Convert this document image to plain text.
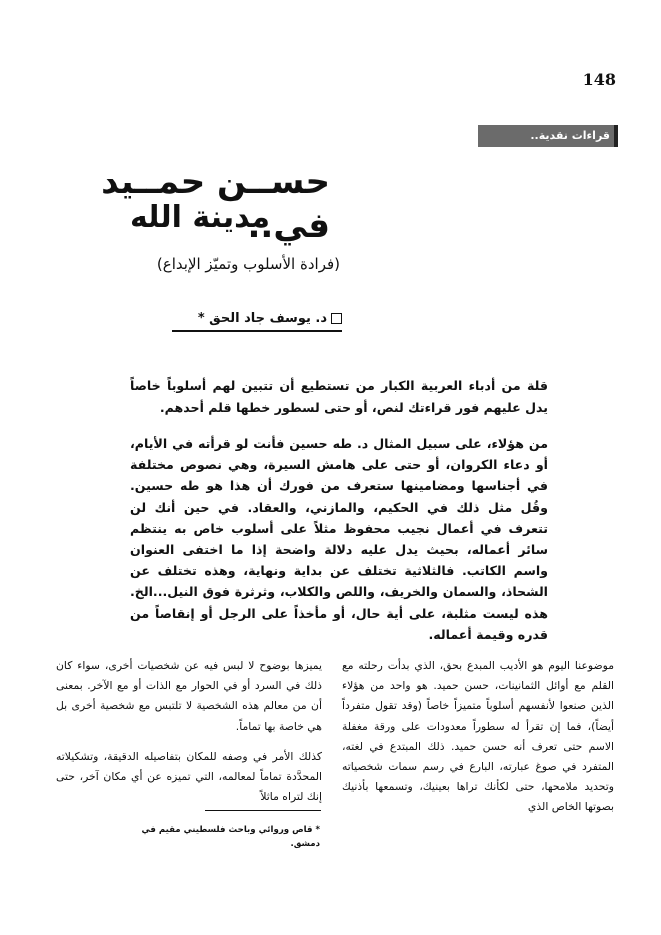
148
قراءات نقدية..
حســن حمــيد في..
مدينة الله
(فرادة الأسلوب وتميّز الإبداع)
د. يوسف جاد الحق *
قلة من أدباء العربية الكبار من تستطيع أن تتبين لهم أسلوباً خاصاً يدل عليهم فور قراءتك لنص، أو حتى لسطور خطها قلم أحدهم.
من هؤلاء، على سبيل المثال د. طه حسين فأنت لو قرأته في الأيام، أو دعاء الكروان، أو حتى على هامش السيرة، وهي نصوص مختلفة في أجناسها ومضامينها ستعرف من فورك أن هذا هو طه حسين. وقُل مثل ذلك في الحكيم، والمازني، والعقاد. في حين أنك لن تتعرف في أعمال نجيب محفوظ مثلاً على أسلوب خاص به ينتظم سائر أعماله، بحيث يدل عليه دلالة واضحة إذا ما اختفى العنوان واسم الكاتب. فالثلاثية تختلف عن بداية ونهاية، وهذه تختلف عن الشحاذ، والسمان والخريف، واللص والكلاب، وثرثرة فوق النيل...الخ. هذه ليست مثلبة، على أية حال، أو مأخذاً على الرجل أو إنقاصاً من قدره وقيمة أعماله.
موضوعنا اليوم هو الأديب المبدع بحق، الذي بدأت رحلته مع القلم مع أوائل الثمانينات، حسن حميد. هو واحد من هؤلاء الذين صنعوا لأنفسهم أسلوباً متميزاً خاصاً (وقد تقول متفرداً أيضاً)، فما إن تقرأ له سطوراً معدودات على ورقة مغفلة الاسم حتى تعرف أنه حسن حميد. ذلك المبتدع في لغته، المتفرد في صوغ عبارته، البارع في رسم سمات شخصياته وتحديد ملامحها، حتى لكأنك تراها بعينيك، وتسمعها بأذنيك بصوتها الخاص الذي

يميزها بوضوح لا لبس فيه عن شخصيات أخرى، سواء كان ذلك في السرد أو في الحوار مع الذات أو مع الآخر. بمعنى أن من معالم هذه الشخصية لا تلتبس مع شخصية أخرى بل هي خاصة بها تماماً.

كذلك الأمر في وصفه للمكان بتفاصيله الدقيقة، وتشكيلاته المحدَّدة تماماً لمعالمه، التي تميزه عن أي مكان آخر، حتى إنك لتراه ماثلاً

* قاص وروائي وباحث فلسطيني مقيم في دمشق.
